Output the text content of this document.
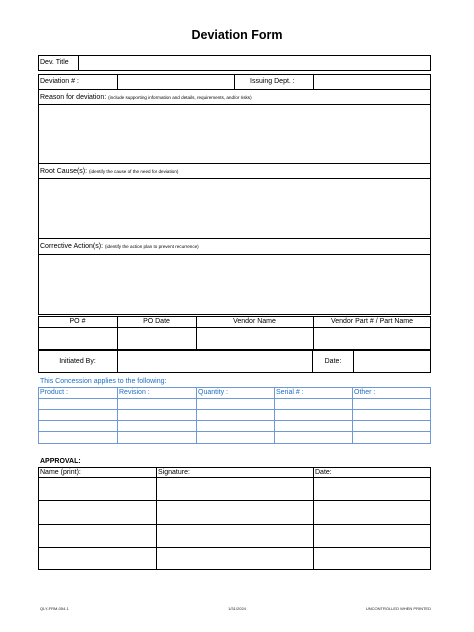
Deviation Form
Dev. Title
Deviation # :	Issuing Dept. :
Reason for deviation: (include supporting information and details, requirements, and/or risks)
Root Cause(s): (identify the cause of the need for deviation)
Corrective Action(s): (identify the action plan to prevent recurrence)
PO #	PO Date	Vendor Name	Vendor Part # / Part Name
Initiated By:	Date:
This Concession applies to the following:
Product :	Revision :	Quantity :	Serial # :	Other :
APPROVAL:
Name (print):	Signature:	Date:
QLY-FRM-054.1	1/31/2024	UNCONTROLLED WHEN PRINTED
